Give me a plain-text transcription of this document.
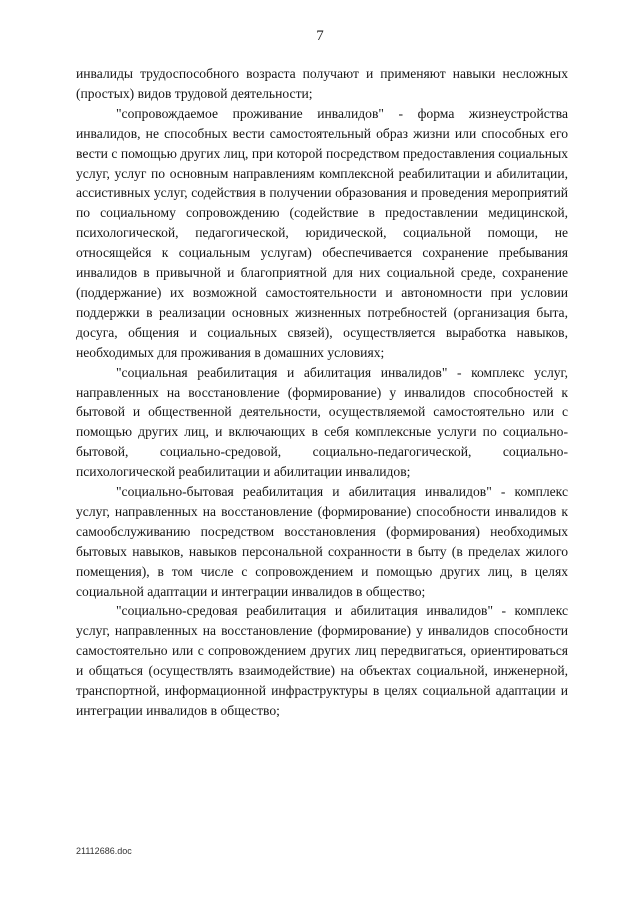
7

инвалиды трудоспособного возраста получают и применяют навыки несложных (простых) видов трудовой деятельности;

"сопровождаемое проживание инвалидов" - форма жизнеустройства инвалидов, не способных вести самостоятельный образ жизни или способных его вести с помощью других лиц, при которой посредством предоставления социальных услуг, услуг по основным направлениям комплексной реабилитации и абилитации, ассистивных услуг, содействия в получении образования и проведения мероприятий по социальному сопровождению (содействие в предоставлении медицинской, психологической, педагогической, юридической, социальной помощи, не относящейся к социальным услугам) обеспечивается сохранение пребывания инвалидов в привычной и благоприятной для них социальной среде, сохранение (поддержание) их возможной самостоятельности и автономности при условии поддержки в реализации основных жизненных потребностей (организация быта, досуга, общения и социальных связей), осуществляется выработка навыков, необходимых для проживания в домашних условиях;

"социальная реабилитация и абилитация инвалидов" - комплекс услуг, направленных на восстановление (формирование) у инвалидов способностей к бытовой и общественной деятельности, осуществляемой самостоятельно или с помощью других лиц, и включающих в себя комплексные услуги по социально-бытовой, социально-средовой, социально-педагогической, социально-психологической реабилитации и абилитации инвалидов;

"социально-бытовая реабилитация и абилитация инвалидов" - комплекс услуг, направленных на восстановление (формирование) способности инвалидов к самообслуживанию посредством восстановления (формирования) необходимых бытовых навыков, навыков персональной сохранности в быту (в пределах жилого помещения), в том числе с сопровождением и помощью других лиц, в целях социальной адаптации и интеграции инвалидов в общество;

"социально-средовая реабилитация и абилитация инвалидов" - комплекс услуг, направленных на восстановление (формирование) у инвалидов способности самостоятельно или с сопровождением других лиц передвигаться, ориентироваться и общаться (осуществлять взаимодействие) на объектах социальной, инженерной, транспортной, информационной инфраструктуры в целях социальной адаптации и интеграции инвалидов в общество;

21112686.doc
